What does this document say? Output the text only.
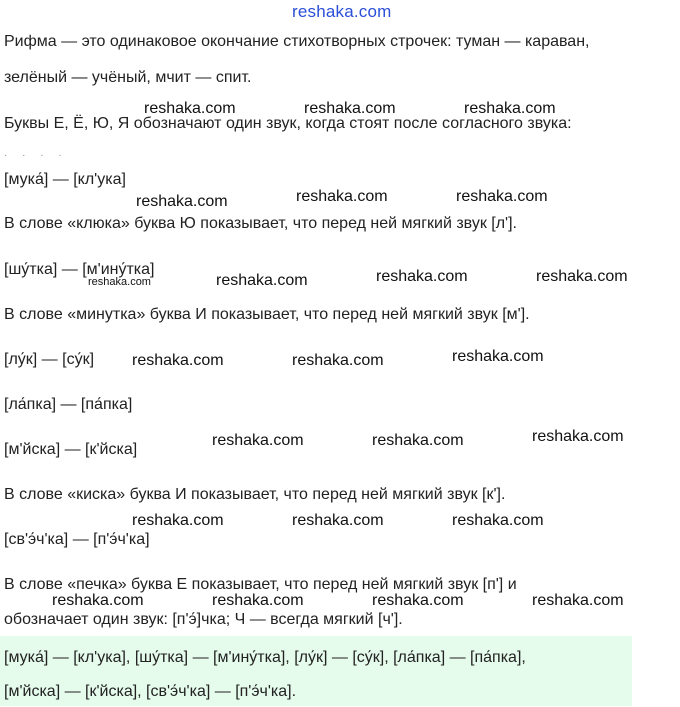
reshaka.com
Рифма — это одинаковое окончание стихотворных строчек: туман — караван,
зелёный — учёный, мчит — спит.
Буквы Е, Ё, Ю, Я обозначают один звук, когда стоят после согласного звука:
· · · ·
[мука́] — [кл'ука]
В слове «клюка» буква Ю показывает, что перед ней мягкий звук [л'].
[шу́тка] — [м'ину́тка]
В слове «минутка» буква И показывает, что перед ней мягкий звук [м'].
[лу́к] — [су́к]
[ла́пка] — [па́пка]
[м'йска] — [к'йска]
В слове «киска» буква И показывает, что перед ней мягкий звук [к'].
[св'э́ч'ка] — [п'э́ч'ка]
В слове «печка» буква Е показывает, что перед ней мягкий звук [п'] и
обозначает один звук: [п'э́]чка; Ч — всегда мягкий [ч'].
[мука́] — [кл'ука], [шу́тка] — [м'ину́тка], [лу́к] — [су́к], [ла́пка] — [па́пка],
[м'йска] — [к'йска], [св'э́ч'ка] — [п'э́ч'ка].
reshaka.com	reshaka.com	reshaka.com
reshaka.com	reshaka.com	reshaka.com
reshaka.com	reshaka.com	reshaka.com	reshaka.com
reshaka.com	reshaka.com	reshaka.com
reshaka.com	reshaka.com	reshaka.com
reshaka.com	reshaka.com	reshaka.com
reshaka.com	reshaka.com	reshaka.com	reshaka.com
